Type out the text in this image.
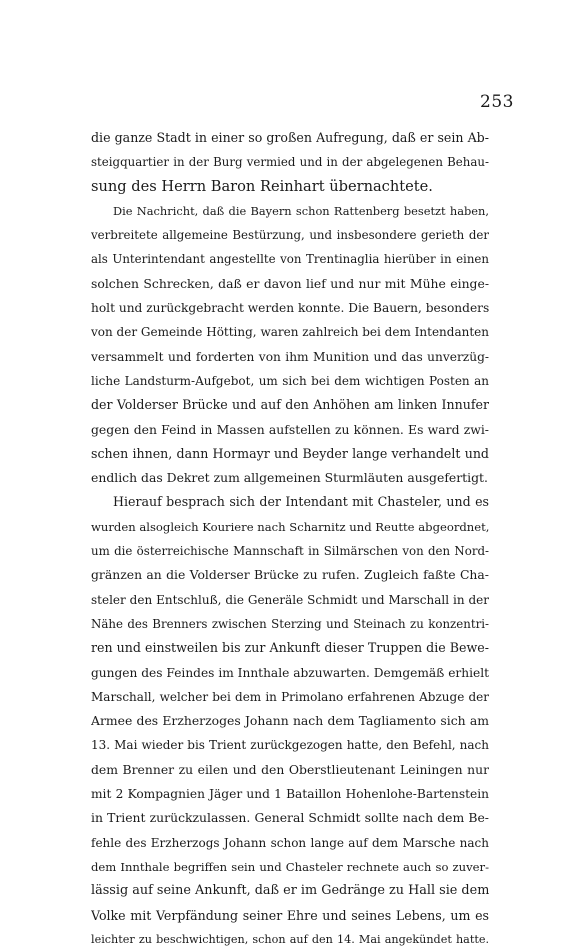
253
die ganze Stadt in einer so großen Aufregung, daß er sein Ab-
steigquartier in der Burg vermied und in der abgelegenen Behau-
sung des Herrn Baron Reinhart übernachtete.
Die Nachricht, daß die Bayern schon Rattenberg besetzt haben,
verbreitete allgemeine Bestürzung, und insbesondere gerieth der
als Unterintendant angestellte von Trentinaglia hierüber in einen
solchen Schrecken, daß er davon lief und nur mit Mühe einge-
holt und zurückgebracht werden konnte. Die Bauern, besonders
von der Gemeinde Hötting, waren zahlreich bei dem Intendanten
versammelt und forderten von ihm Munition und das unverzüg-
liche Landsturm-Aufgebot, um sich bei dem wichtigen Posten an
der Volderser Brücke und auf den Anhöhen am linken Innufer
gegen den Feind in Massen aufstellen zu können. Es ward zwi-
schen ihnen, dann Hormayr und Beyder lange verhandelt und
endlich das Dekret zum allgemeinen Sturmläuten ausgefertigt.
Hierauf besprach sich der Intendant mit Chasteler, und es
wurden alsogleich Kouriere nach Scharnitz und Reutte abgeordnet,
um die österreichische Mannschaft in Silmärschen von den Nord-
gränzen an die Volderser Brücke zu rufen. Zugleich faßte Cha-
steler den Entschluß, die Generäle Schmidt und Marschall in der
Nähe des Brenners zwischen Sterzing und Steinach zu konzentri-
ren und einstweilen bis zur Ankunft dieser Truppen die Bewe-
gungen des Feindes im Innthale abzuwarten. Demgemäß erhielt
Marschall, welcher bei dem in Primolano erfahrenen Abzuge der
Armee des Erzherzoges Johann nach dem Tagliamento sich am
13. Mai wieder bis Trient zurückgezogen hatte, den Befehl, nach
dem Brenner zu eilen und den Oberstlieutenant Leiningen nur
mit 2 Kompagnien Jäger und 1 Bataillon Hohenlohe-Bartenstein
in Trient zurückzulassen. General Schmidt sollte nach dem Be-
fehle des Erzherzogs Johann schon lange auf dem Marsche nach
dem Innthale begriffen sein und Chasteler rechnete auch so zuver-
lässig auf seine Ankunft, daß er im Gedränge zu Hall sie dem
Volke mit Verpfändung seiner Ehre und seines Lebens, um es
leichter zu beschwichtigen, schon auf den 14. Mai angekündet hatte.
